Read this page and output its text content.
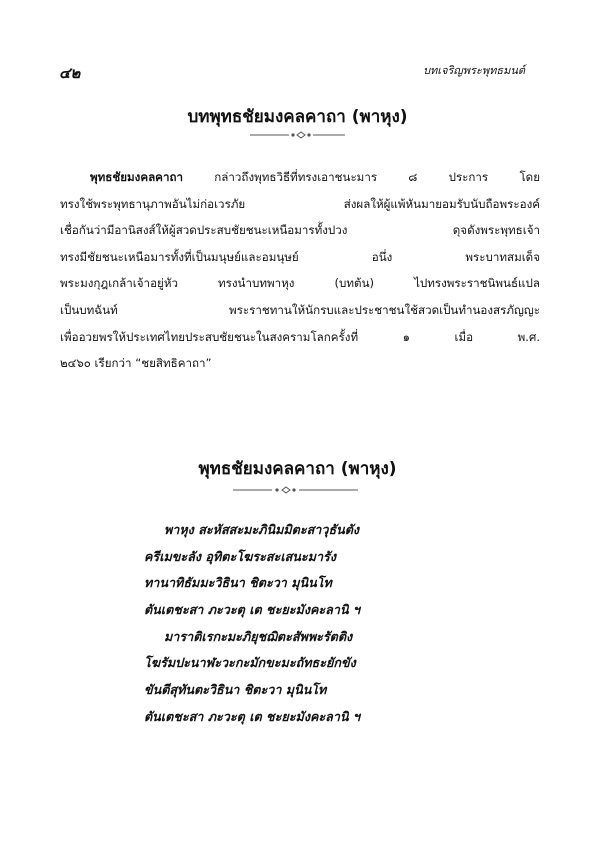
๔๒	บทเจริญพระพุทธมนต์
บทพุทธชัยมงคลคาถา (พาหุง)
พุทธชัยมงคลคาถา กล่าวถึงพุทธวิธีที่ทรงเอาชนะมาร ๘ ประการ โดย
ทรงใช้พระพุทธานุภาพอันไม่ก่อเวรภัย ส่งผลให้ผู้แพ้หันมายอมรับนับถือพระองค์
เชื่อกันว่ามีอานิสงส์ให้ผู้สวดประสบชัยชนะเหนือมารทั้งปวง ดุจดังพระพุทธเจ้า
ทรงมีชัยชนะเหนือมารทั้งที่เป็นมนุษย์และอมนุษย์ อนึ่ง พระบาทสมเด็จ
พระมงกุฎเกล้าเจ้าอยู่หัว ทรงนำบทพาหุง (บทต้น) ไปทรงพระราชนิพนธ์แปล
เป็นบทฉันท์ พระราชทานให้นักรบและประชาชนใช้สวดเป็นทำนองสรภัญญะ
เพื่ออวยพรให้ประเทศไทยประสบชัยชนะในสงครามโลกครั้งที่ ๑ เมื่อ พ.ศ.
๒๔๖๐ เรียกว่า “ชยสิทธิคาถา”
พุทธชัยมงคลคาถา (พาหุง)
พาหุง สะหัสสะมะภินิมมิตะสาวุธันตัง
ครีเมขะลัง อุทิตะโฆระสะเสนะมารัง
ทานาทิธัมมะวิธินา ชิตะวา มุนินโท
ตันเตชะสา ภะวะตุ เต ชะยะมังคะลานิ ฯ
มาราติเรกะมะภิยุชฌิตะสัพพะรัตติง
โฆรัมปะนาฬะวะกะมักขะมะถัทธะยักขัง
ขันตีสุทันตะวิธินา ชิตะวา มุนินโท
ตันเตชะสา ภะวะตุ เต ชะยะมังคะลานิ ฯ
